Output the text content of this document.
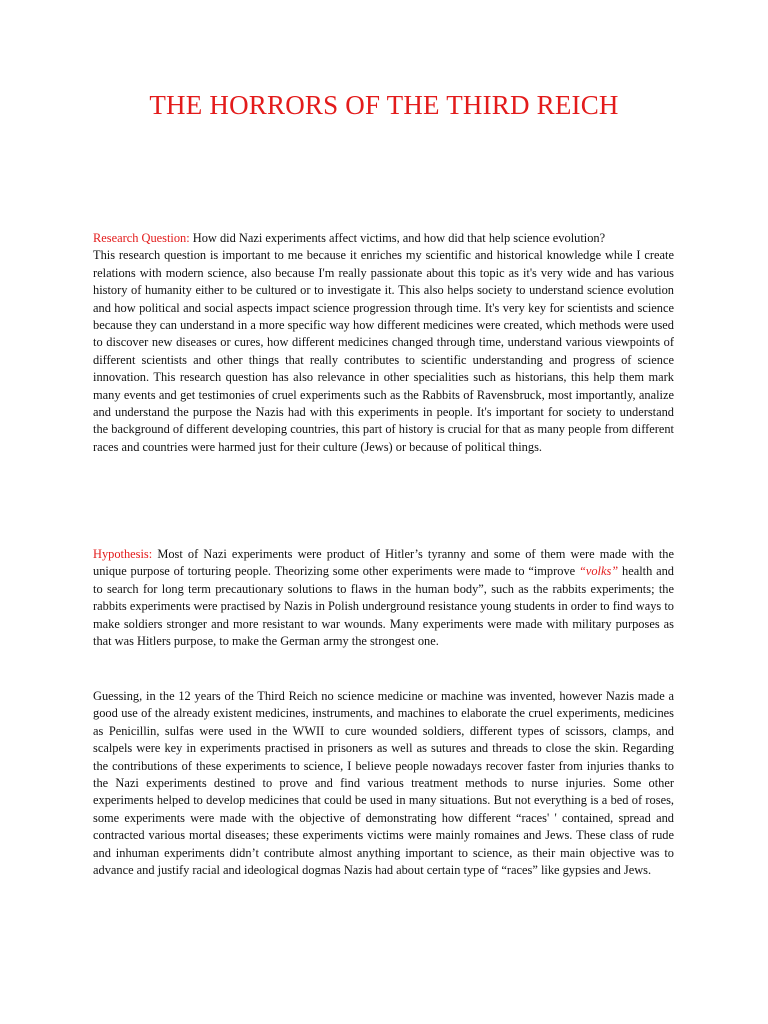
THE HORRORS OF THE THIRD REICH

Research Question: How did Nazi experiments affect victims, and how did that help science evolution?

This research question is important to me because it enriches my scientific and historical knowledge while I create relations with modern science, also because I'm really passionate about this topic as it's very wide and has various history of humanity either to be cultured or to investigate it. This also helps society to understand science evolution and how political and social aspects impact science progression through time. It's very key for scientists and science because they can understand in a more specific way how different medicines were created, which methods were used to discover new diseases or cures, how different medicines changed through time, understand various viewpoints of different scientists and other things that really contributes to scientific understanding and progress of science innovation. This research question has also relevance in other specialities such as historians, this help them mark many events and get testimonies of cruel experiments such as the Rabbits of Ravensbruck, most importantly, analize and understand the purpose the Nazis had with this experiments in people. It's important for society to understand the background of different developing countries, this part of history is crucial for that as many people from different races and countries were harmed just for their culture (Jews) or because of political things.

Hypothesis: Most of Nazi experiments were product of Hitler’s tyranny and some of them were made with the unique purpose of torturing people. Theorizing some other experiments were made to “improve “volks” health and to search for long term precautionary solutions to flaws in the human body”, such as the rabbits experiments; the rabbits experiments were practised by Nazis in Polish underground resistance young students in order to find ways to make soldiers stronger and more resistant to war wounds. Many experiments were made with military purposes as that was Hitlers purpose, to make the German army the strongest one.

Guessing, in the 12 years of the Third Reich no science medicine or machine was invented, however Nazis made a good use of the already existent medicines, instruments, and machines to elaborate the cruel experiments, medicines as Penicillin, sulfas were used in the WWII to cure wounded soldiers, different types of scissors, clamps, and scalpels were key in experiments practised in prisoners as well as sutures and threads to close the skin. Regarding the contributions of these experiments to science, I believe people nowadays recover faster from injuries thanks to the Nazi experiments destined to prove and find various treatment methods to nurse injuries. Some other experiments helped to develop medicines that could be used in many situations. But not everything is a bed of roses, some experiments were made with the objective of demonstrating how different “races' ' contained, spread and contracted various mortal diseases; these experiments victims were mainly romaines and Jews. These class of rude and inhuman experiments didn’t contribute almost anything important to science, as their main objective was to advance and justify racial and ideological dogmas Nazis had about certain type of “races” like gypsies and Jews.
